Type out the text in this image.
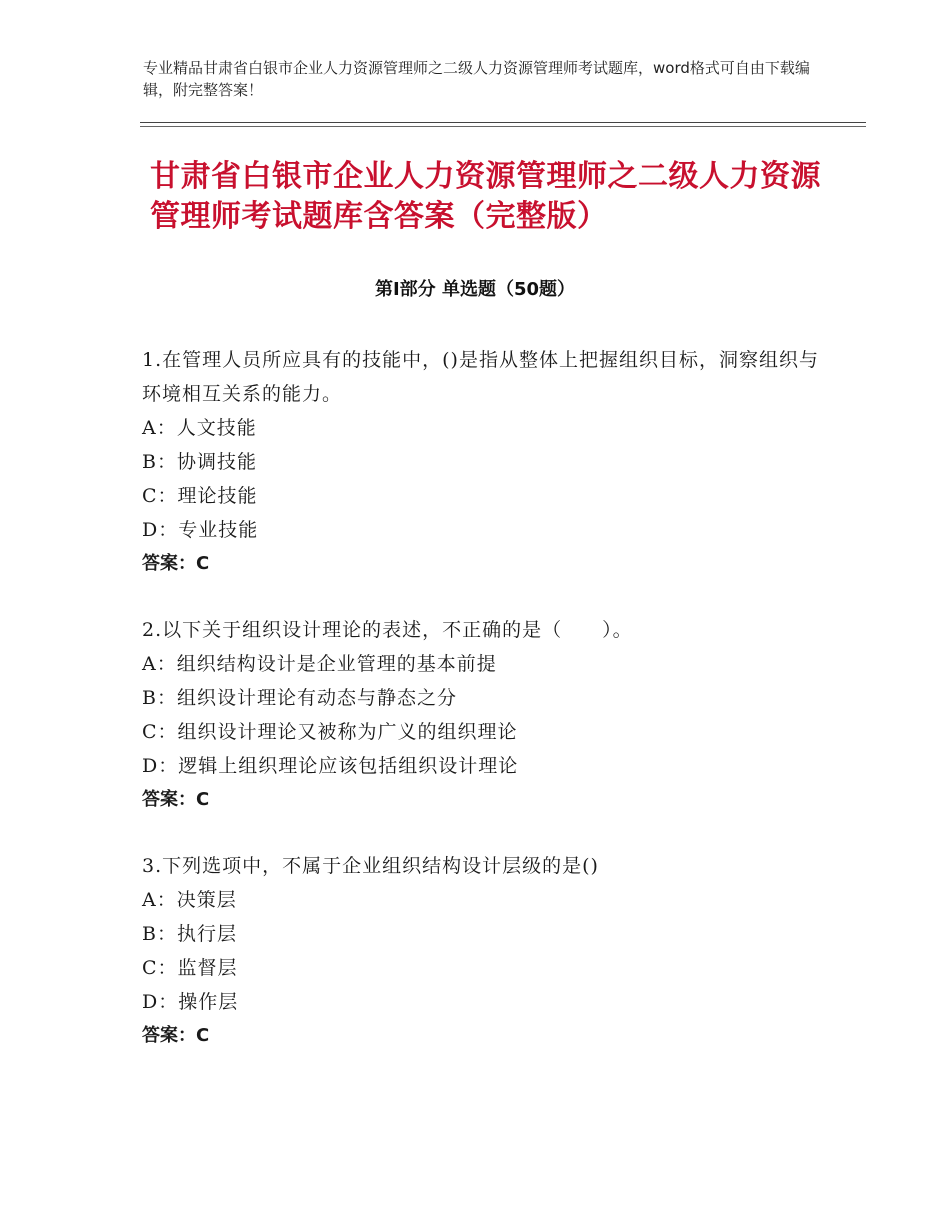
专业精品甘肃省白银市企业人力资源管理师之二级人力资源管理师考试题库，word格式可自由下载编辑，附完整答案！
甘肃省白银市企业人力资源管理师之二级人力资源管理师考试题库含答案（完整版）
第Ⅰ部分 单选题（50题）

1.在管理人员所应具有的技能中，()是指从整体上把握组织目标，洞察组织与环境相互关系的能力。

A：人文技能

B：协调技能

C：理论技能

D：专业技能

答案：C

2.以下关于组织设计理论的表述，不正确的是（　　）。

A：组织结构设计是企业管理的基本前提

B：组织设计理论有动态与静态之分

C：组织设计理论又被称为广义的组织理论

D：逻辑上组织理论应该包括组织设计理论

答案：C

3.下列选项中，不属于企业组织结构设计层级的是()

A：决策层

B：执行层

C：监督层

D：操作层

答案：C
